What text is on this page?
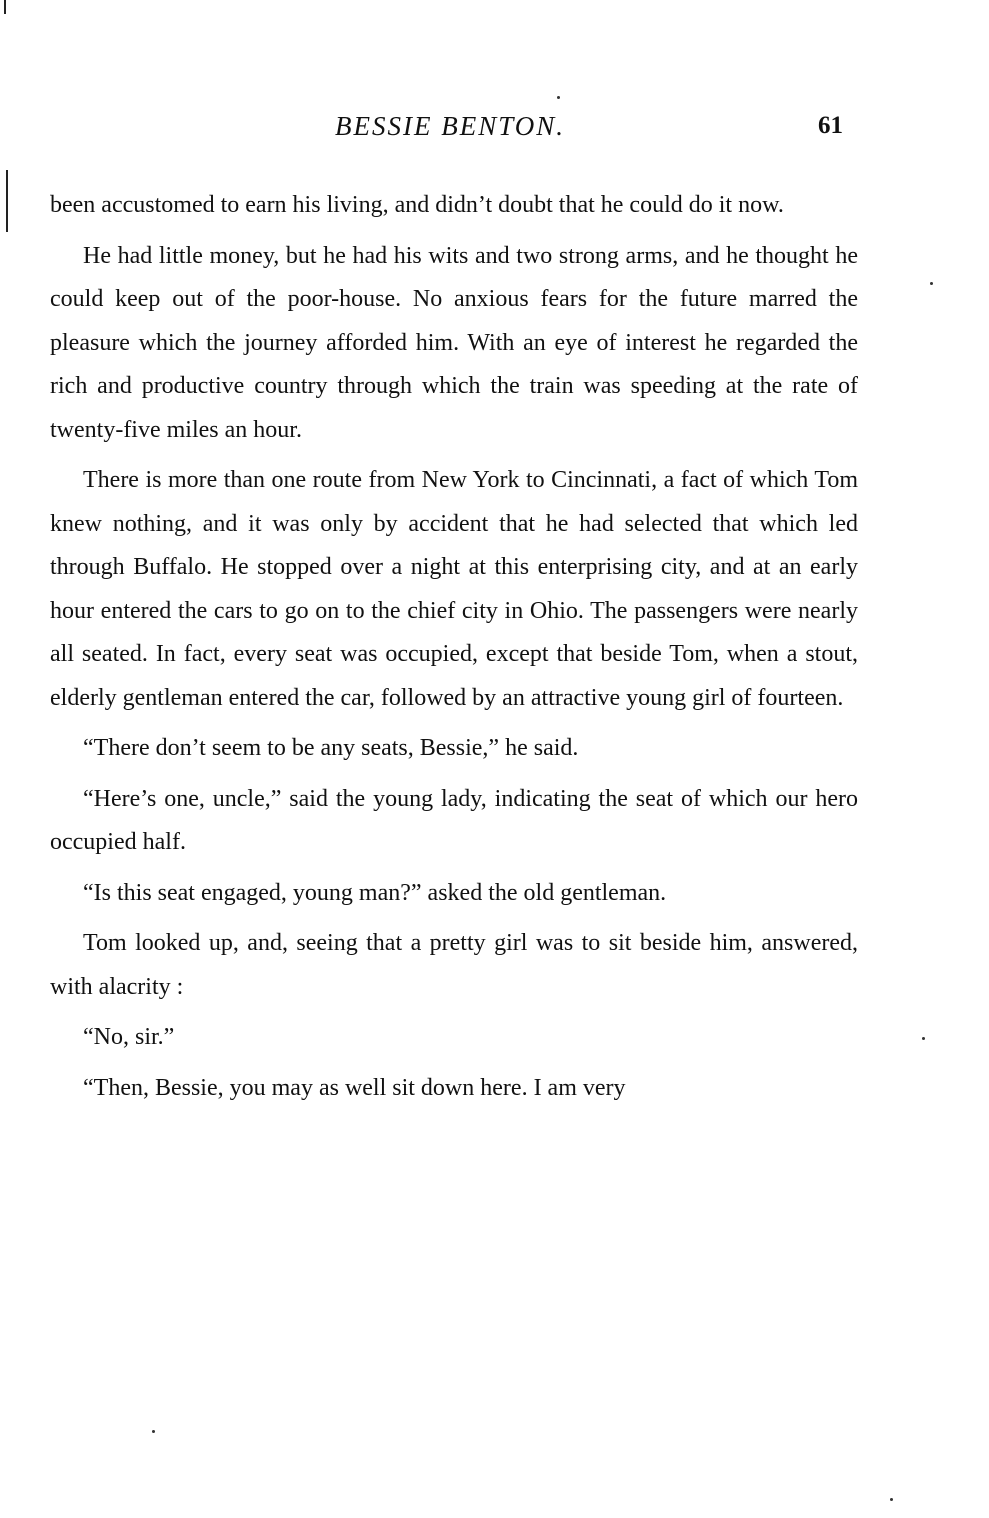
BESSIE BENTON.	61

been accustomed to earn his living, and didn’t doubt that he could do it now.

He had little money, but he had his wits and two strong arms, and he thought he could keep out of the poor-house. No anxious fears for the future marred the pleasure which the journey afforded him. With an eye of interest he regarded the rich and productive country through which the train was speeding at the rate of twenty-five miles an hour.

There is more than one route from New York to Cincinnati, a fact of which Tom knew nothing, and it was only by accident that he had selected that which led through Buffalo. He stopped over a night at this enterprising city, and at an early hour entered the cars to go on to the chief city in Ohio. The passengers were nearly all seated. In fact, every seat was occupied, except that beside Tom, when a stout, elderly gentleman entered the car, followed by an attractive young girl of fourteen.

“There don’t seem to be any seats, Bessie,” he said.

“Here’s one, uncle,” said the young lady, indicating the seat of which our hero occupied half.

“Is this seat engaged, young man?” asked the old gentleman.

Tom looked up, and, seeing that a pretty girl was to sit beside him, answered, with alacrity :

“No, sir.”

“Then, Bessie, you may as well sit down here. I am very
